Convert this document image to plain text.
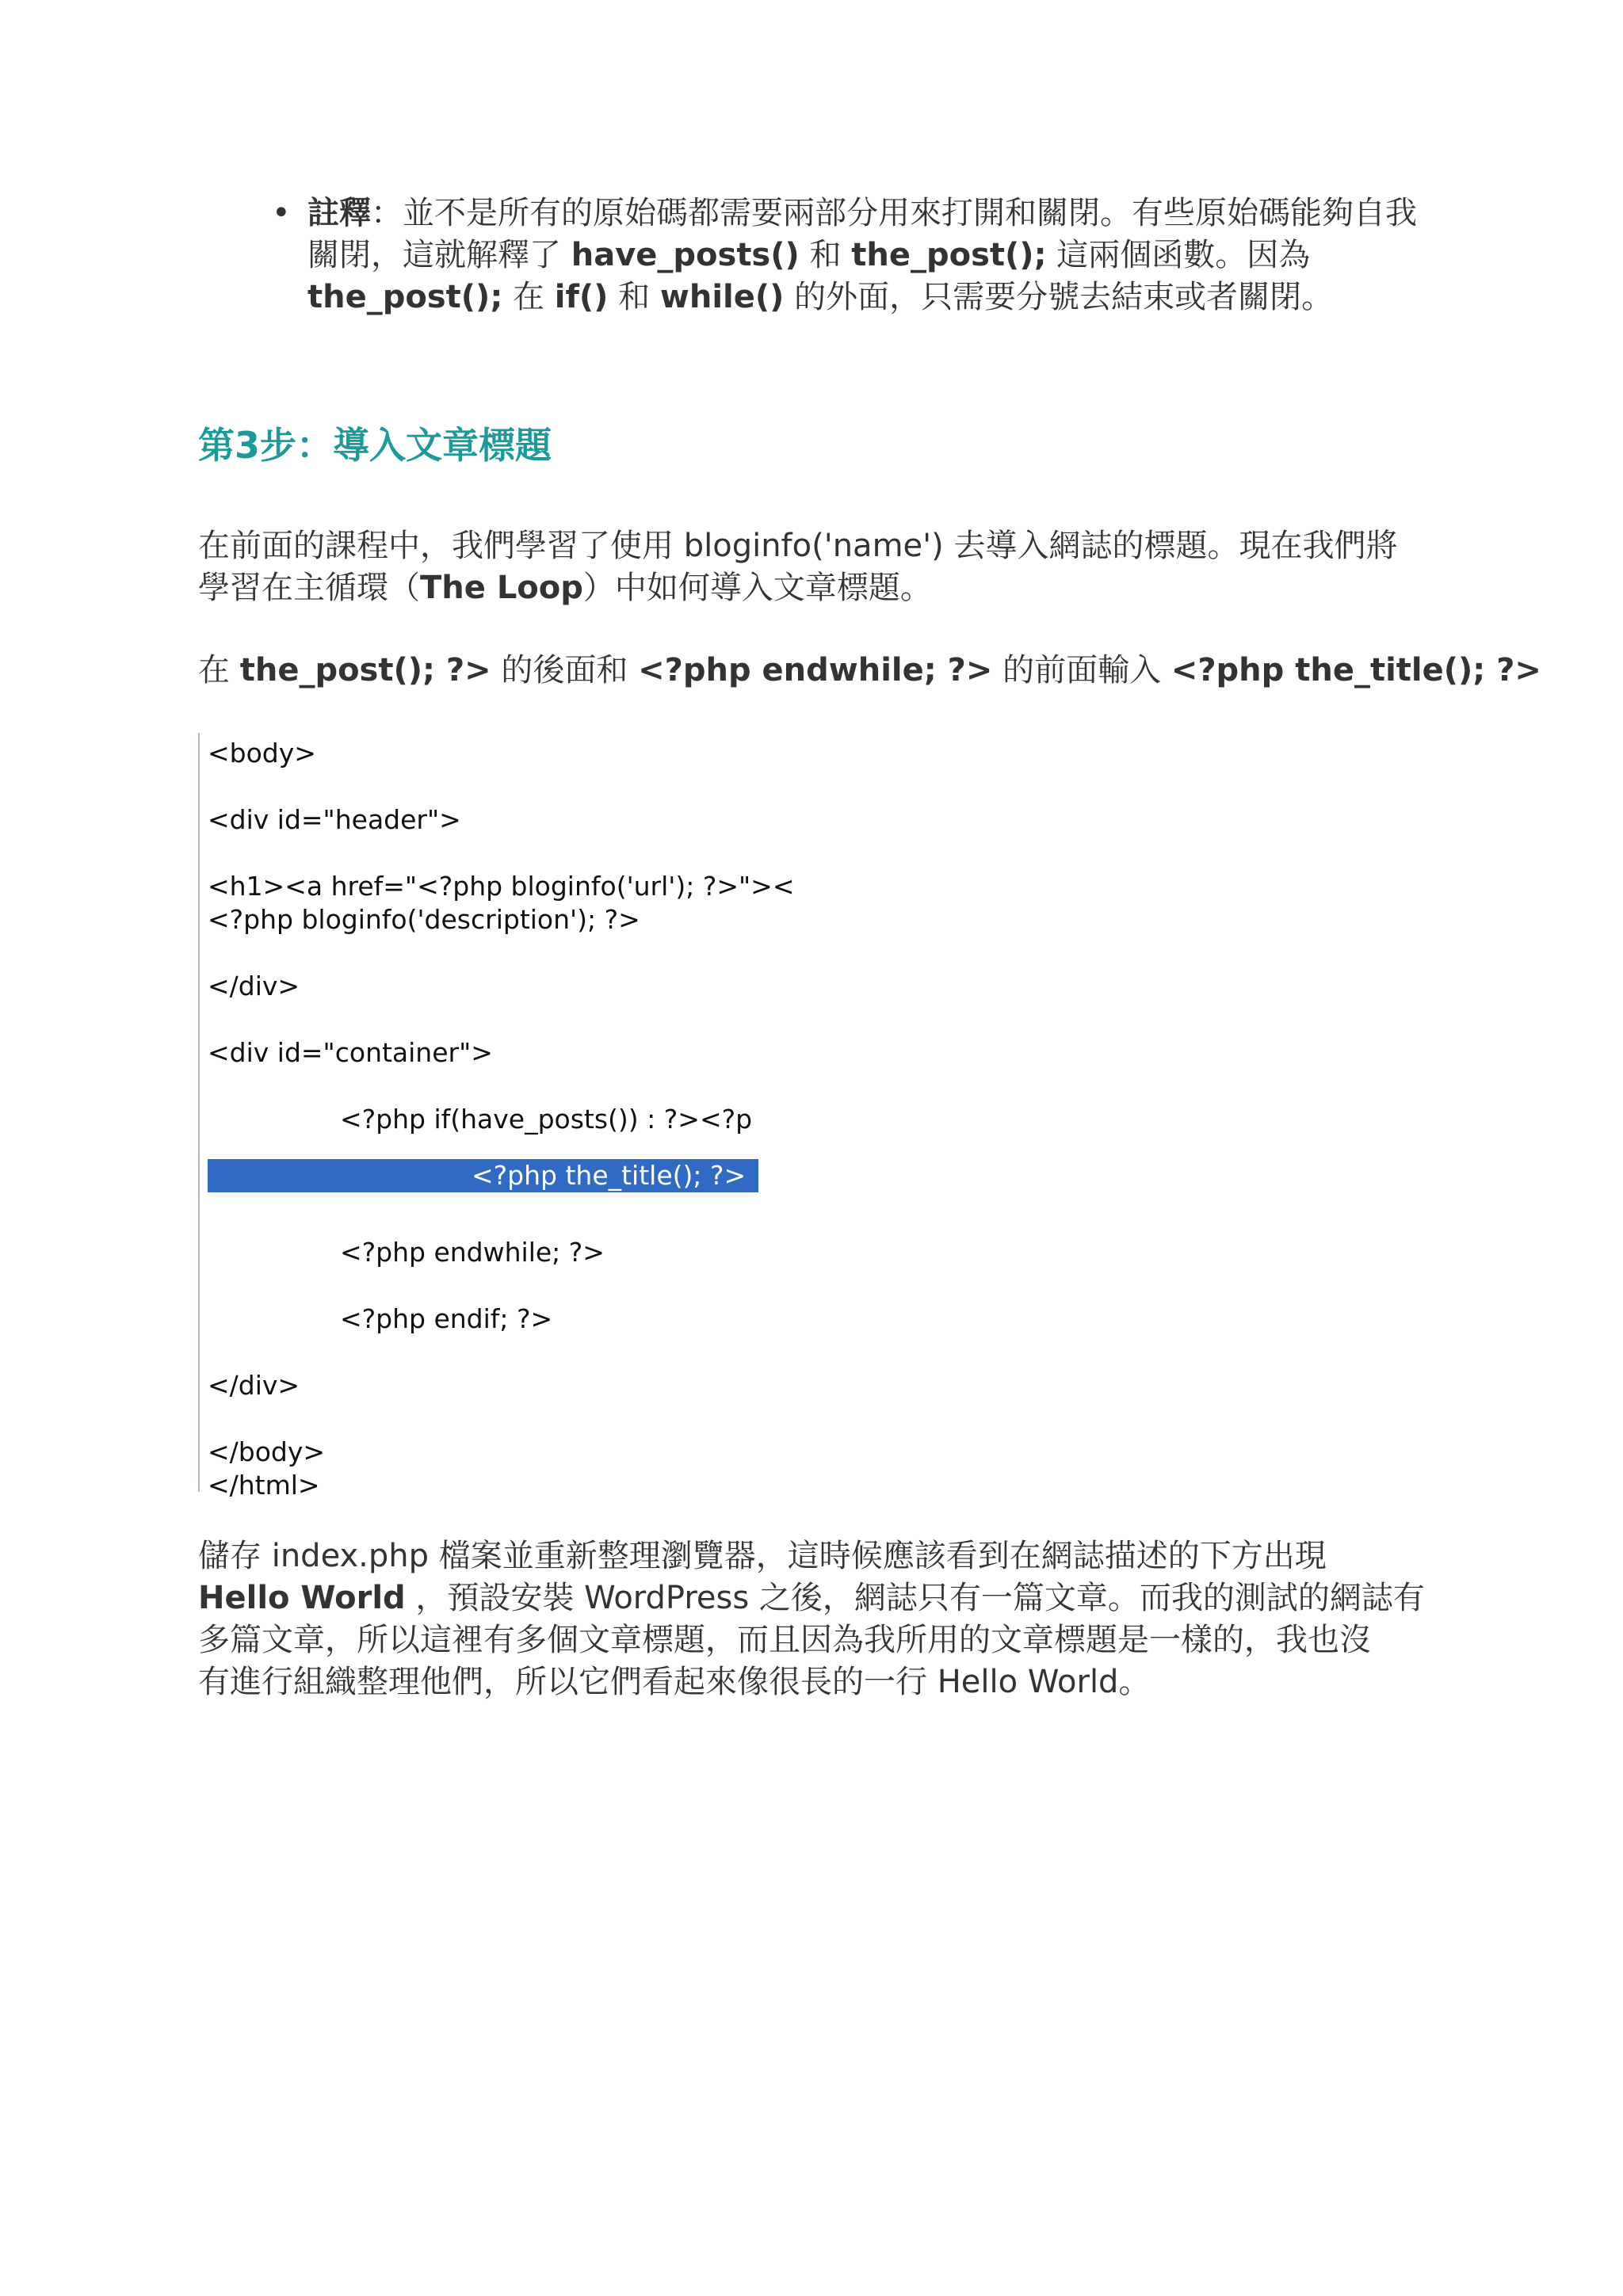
• 註釋：並不是所有的原始碼都需要兩部分用來打開和關閉。有些原始碼能夠自我關閉，這就解釋了 have_posts() 和 the_post(); 這兩個函數。因為 the_post(); 在 if() 和 while() 的外面，只需要分號去結束或者關閉。
第3步：導入文章標題
在前面的課程中，我們學習了使用 bloginfo('name') 去導入網誌的標題。現在我們將
學習在主循環（The Loop）中如何導入文章標題。
在 the_post(); ?> 的後面和 <?php endwhile; ?> 的前面輸入 <?php the_title(); ?>
<body>
<div id="header">
<h1><a href="<?php bloginfo('url'); ?>"><
<?php bloginfo('description'); ?>
</div>
<div id="container">
<?php if(have_posts()) : ?><?p
<?php the_title(); ?>
<?php endwhile; ?>
<?php endif; ?>
</div>
</body>
</html>
儲存 index.php 檔案並重新整理瀏覽器，這時候應該看到在網誌描述的下方出現
Hello World ，預設安裝 WordPress 之後，網誌只有一篇文章。而我的測試的網誌有
多篇文章，所以這裡有多個文章標題，而且因為我所用的文章標題是一樣的，我也沒
有進行組織整理他們，所以它們看起來像很長的一行 Hello World。
